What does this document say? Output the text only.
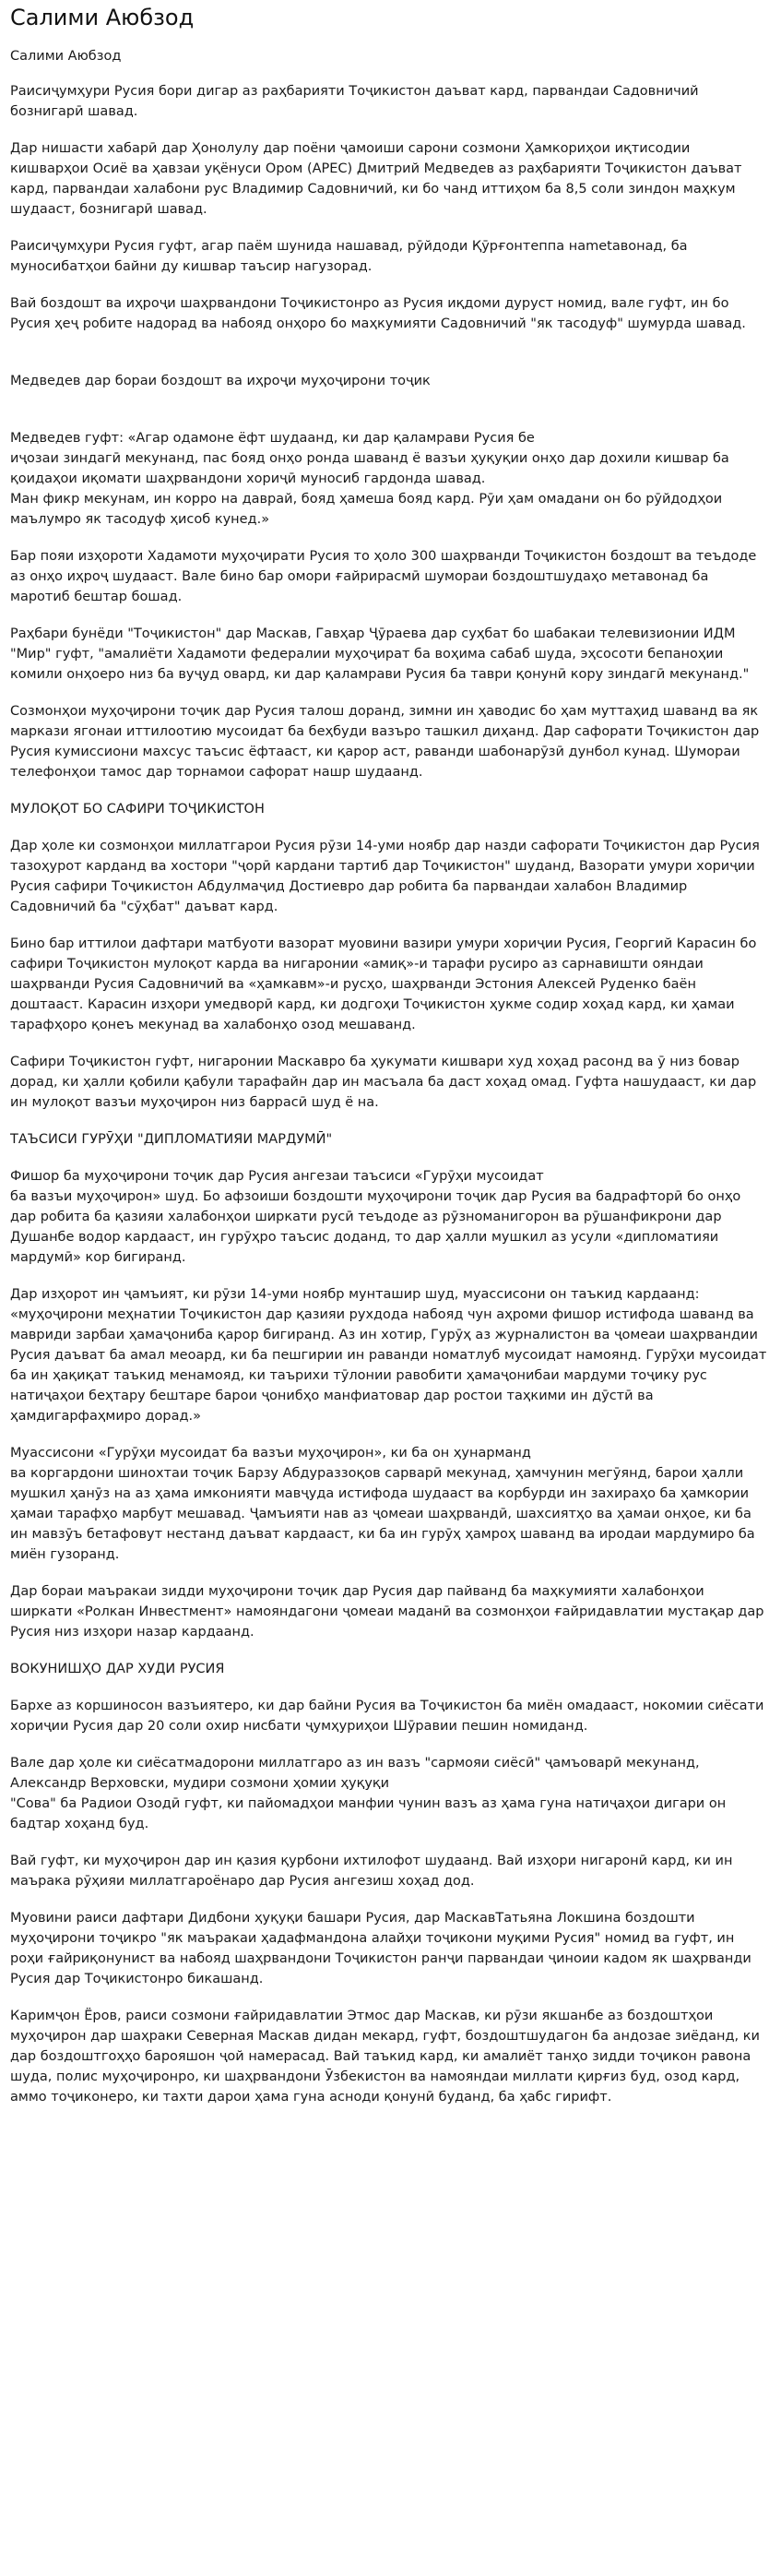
Салими Аюбзод
Салими Аюбзод
Раисиҷумҳури Русия бори дигар аз раҳбарияти Тоҷикистон даъват кард, парвандаи Садовничий бознигарӣ шавад.
Дар нишасти хабарӣ дар Ҳонолулу дар поёни ҷамоиши сарони созмони Ҳамкориҳои иқтисодии кишварҳои Осиё ва ҳавзаи уқёнуси Ором (АРЕС) Дмитрий Медведев аз раҳбарияти Тоҷикистон даъват кард, парвандаи халабони рус Владимир Садовничий, ки бо чанд иттиҳом ба 8,5 соли зиндон маҳкум шудааст, бознигарӣ шавад.
Раисиҷумҳури Русия гуфт, агар паём шунида нашавад, рӯйдоди Қӯрғонтеппа нametавонад, ба муносибатҳои байни ду кишвар таъсир нагузорад.
Вай боздошт ва иҳроҷи шаҳрвандони Тоҷикистонро аз Русия иқдоми дуруст номид, вале гуфт, ин бо Русия ҳеҷ робите надорад ва набояд онҳоро бо маҳкумияти Садовничий "як тасодуф" шумурда шавад.
Медведев дар бораи боздошт ва иҳроҷи муҳоҷирони тоҷик
Медведев гуфт: «Агар одамоне ёфт шудаанд, ки дар қаламрави Русия бе
иҷозаи зиндагӣ мекунанд, пас бояд онҳо ронда шаванд ё вазъи ҳуқуқии онҳо дар дохили кишвар ба қоидаҳои иқомати шаҳрвандони хориҷӣ муносиб гардонда шавад.
Ман фикр мекунам, ин корро на даврай, бояд ҳамеша бояд кард. Рӯи ҳам омадани он бо рӯйдодҳои маълумро як тасодуф ҳисоб кунед.»
Бар пояи изҳороти Хадамоти муҳоҷирати Русия то ҳоло 300 шаҳрванди Тоҷикистон боздошт ва теъдоде аз онҳо иҳроҷ шудааст. Вале бино бар омори ғайрирасмӣ шумораи боздоштшудаҳо метавонад ба маротиб бештар бошад.
Раҳбари бунёди "Тоҷикистон" дар Маскав, Гавҳар Ҷӯраева дар суҳбат бо шабакаи телевизионии ИДМ "Мир" гуфт, "амалиёти Хадамоти федералии муҳоҷират ба воҳима сабаб шуда, эҳсосоти бепаноҳии комили онҳоеро низ ба вуҷуд овард, ки дар қаламрави Русия ба таври қонунӣ кору зиндагӣ мекунанд."
Созмонҳои муҳоҷирони тоҷик дар Русия талош доранд, зимни ин ҳаводис бо ҳам муттаҳид шаванд ва як маркази ягонаи иттилоотию мусоидат ба беҳбуди вазъро ташкил диҳанд. Дар сафорати Тоҷикистон дар Русия кумиссиони махсус таъсис ёфтааст, ки қарор аст, раванди шабонарӯзӣ дунбол кунад. Шумораи телефонҳои тамос дар торнамои сафорат нашр шудаанд.
МУЛОҚОТ БО САФИРИ ТОҶИКИСТОН
Дар ҳоле ки созмонҳои миллатгарои Русия рӯзи 14-уми ноябр дар назди сафорати Тоҷикистон дар Русия тазоҳурот карданд ва хостори "ҷорӣ кардани тартиб дар Тоҷикистон" шуданд, Вазорати умури хориҷии Русия сафири Тоҷикистон Абдулмаҷид Достиевро дар робита ба парвандаи халабон Владимир Садовничий ба "сӯҳбат" даъват кард.
Бино бар иттилои дафтари матбуоти вазорат муовини вазири умури хориҷии Русия, Георгий Карасин бо сафири Тоҷикистон мулоқот карда ва нигаронии «амиқ»-и тарафи русиро аз сарнавишти ояндаи шаҳрванди Русия Садовничий ва «ҳамкавм»-и русҳо, шаҳрванди Эстония Алексей Руденко баён доштааст. Карасин изҳори умедворӣ кард, ки додгоҳи Тоҷикистон ҳукме содир хоҳад кард, ки ҳамаи тарафҳоро қонеъ мекунад ва халабонҳо озод мешаванд.
Сафири Тоҷикистон гуфт, нигаронии Маскавро ба ҳукумати кишвари худ хоҳад расонд ва ӯ низ бовар дорад, ки ҳалли қобили қабули тарафайн дар ин масъала ба даст хоҳад омад. Гуфта нашудааст, ки дар ин мулоқот вазъи муҳоҷирон низ баррасӣ шуд ё на.
ТАЪСИСИ ГУРӮҲИ "ДИПЛОМАТИЯИ МАРДУМӢ"
Фишор ба муҳоҷирони тоҷик дар Русия ангезаи таъсиси «Гурӯҳи мусоидат
ба вазъи муҳоҷирон» шуд. Бо афзоиши боздошти муҳоҷирони тоҷик дар Русия ва бадрафторӣ бо онҳо дар робита ба қазияи халабонҳои ширкати русӣ теъдоде аз рӯзноманигорон ва рӯшанфикрони дар Душанбе водор кардааст, ин гурӯҳро таъсис доданд, то дар ҳалли мушкил аз усули «дипломатияи мардумӣ» кор бигиранд.
Дар изҳорот ин ҷамъият, ки рӯзи 14-уми ноябр мунташир шуд, муассисони он таъкид кардаанд: «муҳоҷирони меҳнатии Тоҷикистон дар қазияи рухдода набояд чун аҳроми фишор истифода шаванд ва мавриди зарбаи ҳамаҷониба қарор бигиранд. Аз ин хотир, Гурӯҳ аз журналистон ва ҷомеаи шаҳрвандии Русия даъват ба амал меоард, ки ба пешгирии ин раванди номатлуб мусоидат намоянд. Гурӯҳи мусоидат ба ин ҳақиқат таъкид менамояд, ки таърихи тӯлонии равобити ҳамаҷонибаи мардуми тоҷику рус натиҷаҳои беҳтару бештаре барои ҷонибҳо манфиатовар дар ростои таҳкими ин дӯстӣ ва ҳамдигарфаҳмиро дорад.»
Муассисони «Гурӯҳи мусоидат ба вазъи муҳоҷирон», ки ба он ҳунарманд
ва коргардони шинохтаи тоҷик Барзу Абдураззоқов сарварӣ мекунад, ҳамчунин мегӯянд, барои ҳалли мушкил ҳанӯз на аз ҳама имконияти мавҷуда истифода шудааст ва корбурди ин захираҳо ба ҳамкории ҳамаи тарафҳо марбут мешавад. Ҷамъияти нав аз ҷомеаи шаҳрвандӣ, шахсиятҳо ва ҳамаи онҳое, ки ба ин мавзӯъ бетафовут нестанд даъват кардааст, ки ба ин гурӯҳ ҳамроҳ шаванд ва иродаи мардумиро ба миён гузоранд.
Дар бораи маъракаи зидди муҳоҷирони тоҷик дар Русия дар пайванд ба маҳкумияти халабонҳои ширкати «Ролкан Инвестмент» намояндагони ҷомеаи маданӣ ва созмонҳои ғайридавлатии мустақар дар Русия низ изҳори назар кардаанд.
ВОКУНИШҲО ДАР ХУДИ РУСИЯ
Бархе аз коршиносон вазъиятеро, ки дар байни Русия ва Тоҷикистон ба миён омадааст, нокомии сиёсати хориҷии Русия дар 20 соли охир нисбати ҷумҳуриҳои Шӯравии пешин номиданд.
Вале дар ҳоле ки сиёсатмадорони миллатгаро аз ин вазъ "сармояи сиёсӣ" ҷамъоварӣ мекунанд, Александр Верховски, мудири созмони ҳомии ҳуқуқи
"Сова" ба Радиои Озодӣ гуфт, ки пайомадҳои манфии чунин вазъ аз ҳама гуна натиҷаҳои дигари он бадтар хоҳанд буд.
Вай гуфт, ки муҳоҷирон дар ин қазия қурбони ихтилофот шудаанд. Вай изҳори нигаронӣ кард, ки ин маъракa рӯҳияи миллатгароёнаро дар Русия ангезиш хоҳад дод.
Муовини раиси дафтари Дидбони ҳуқуқи башари Русия, дар МаскавТатьяна Локшина боздошти муҳоҷирони тоҷикро "як маъракаи ҳадафмандона алайҳи тоҷикони муқими Русия" номид ва гуфт, ин роҳи ғайриқонунист ва набояд шаҳрвандони Тоҷикистон ранҷи парвандаи ҷиноии кадом як шаҳрванди Русия дар Тоҷикистонро бикашанд.
Каримҷон Ёров, раиси созмони ғайридавлатии Этмос дар Маскав, ки рӯзи якшанбе аз боздоштҳои муҳоҷирон дар шаҳраки Северная Маскав дидан мекард, гуфт, боздоштшудагон ба андозае зиёданд, ки дар боздоштгоҳҳо барояшон ҷой намерасад. Вай таъкид кард, ки амалиёт танҳо зидди тоҷикон равона шуда, полис муҳоҷиронро, ки шаҳрвандони Ӯзбекистон ва намояндаи миллати қирғиз буд, озод кард, аммо тоҷиконеро, ки тахти дарои ҳама гуна асноди қонунӣ буданд, ба ҳабс гирифт.
